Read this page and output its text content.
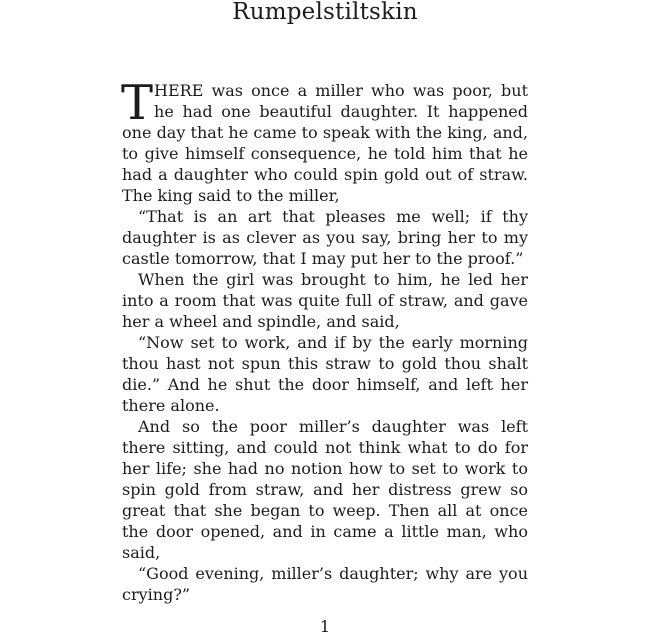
Rumpelstiltskin

THERE was once a miller who was poor, but he had one beautiful daughter. It happened one day that he came to speak with the king, and, to give himself consequence, he told him that he had a daughter who could spin gold out of straw. The king said to the miller,

“That is an art that pleases me well; if thy daughter is as clever as you say, bring her to my castle tomorrow, that I may put her to the proof.”

When the girl was brought to him, he led her into a room that was quite full of straw, and gave her a wheel and spindle, and said,

“Now set to work, and if by the early morning thou hast not spun this straw to gold thou shalt die.” And he shut the door himself, and left her there alone.

And so the poor miller’s daughter was left there sitting, and could not think what to do for her life; she had no notion how to set to work to spin gold from straw, and her distress grew so great that she began to weep. Then all at once the door opened, and in came a little man, who said,

“Good evening, miller’s daughter; why are you crying?”

1
